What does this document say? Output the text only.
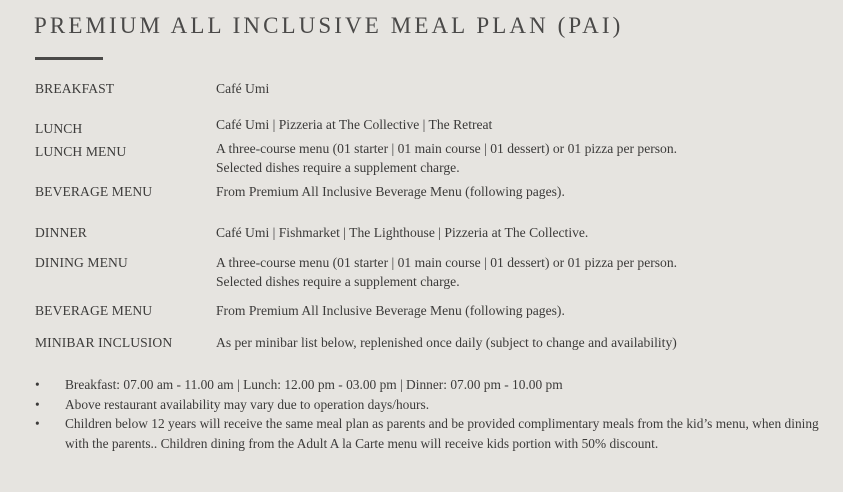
PREMIUM ALL INCLUSIVE MEAL PLAN (PAI)
BREAKFAST
LUNCH
LUNCH MENU
BEVERAGE MENU
DINNER
DINING MENU
BEVERAGE MENU
MINIBAR INCLUSION
Café Umi
Café Umi | Pizzeria at The Collective | The Retreat
A three-course menu (01 starter | 01 main course | 01 dessert) or 01 pizza per person.
Selected dishes require a supplement charge.
From Premium All Inclusive Beverage Menu (following pages).
Café Umi | Fishmarket | The Lighthouse | Pizzeria at The Collective.
A three-course menu (01 starter | 01 main course | 01 dessert) or 01 pizza per person.
Selected dishes require a supplement charge.
From Premium All Inclusive Beverage Menu (following pages).
As per minibar list below, replenished once daily (subject to change and availability)
• Breakfast: 07.00 am - 11.00 am | Lunch: 12.00 pm - 03.00 pm | Dinner: 07.00 pm - 10.00 pm
• Above restaurant availability may vary due to operation days/hours.
• Children below 12 years will receive the same meal plan as parents and be provided complimentary meals from the kid’s menu, when dining with the parents.. Children dining from the Adult A la Carte menu will receive kids portion with 50% discount.
